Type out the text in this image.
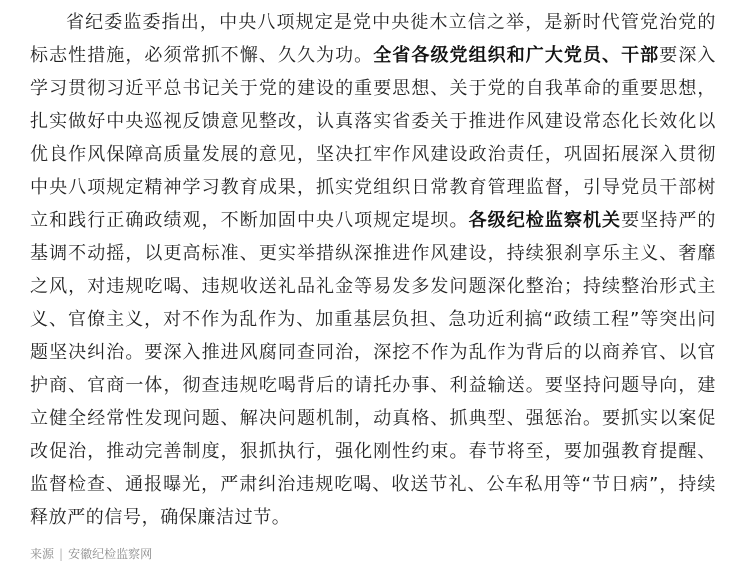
省纪委监委指出，中央八项规定是党中央徙木立信之举，是新时代管党治党的标志性措施，必须常抓不懈、久久为功。全省各级党组织和广大党员、干部要深入学习贯彻习近平总书记关于党的建设的重要思想、关于党的自我革命的重要思想，扎实做好中央巡视反馈意见整改，认真落实省委关于推进作风建设常态化长效化以优良作风保障高质量发展的意见，坚决扛牢作风建设政治责任，巩固拓展深入贯彻中央八项规定精神学习教育成果，抓实党组织日常教育管理监督，引导党员干部树立和践行正确政绩观，不断加固中央八项规定堤坝。各级纪检监察机关要坚持严的基调不动摇，以更高标准、更实举措纵深推进作风建设，持续狠刹享乐主义、奢靡之风，对违规吃喝、违规收送礼品礼金等易发多发问题深化整治；持续整治形式主义、官僚主义，对不作为乱作为、加重基层负担、急功近利搞“政绩工程”等突出问题坚决纠治。要深入推进风腐同查同治，深挖不作为乱作为背后的以商养官、以官护商、官商一体，彻查违规吃喝背后的请托办事、利益输送。要坚持问题导向，建立健全经常性发现问题、解决问题机制，动真格、抓典型、强惩治。要抓实以案促改促治，推动完善制度，狠抓执行，强化刚性约束。春节将至，要加强教育提醒、监督检查、通报曝光，严肃纠治违规吃喝、收送节礼、公车私用等“节日病”，持续释放严的信号，确保廉洁过节。

来源 | 安徽纪检监察网
